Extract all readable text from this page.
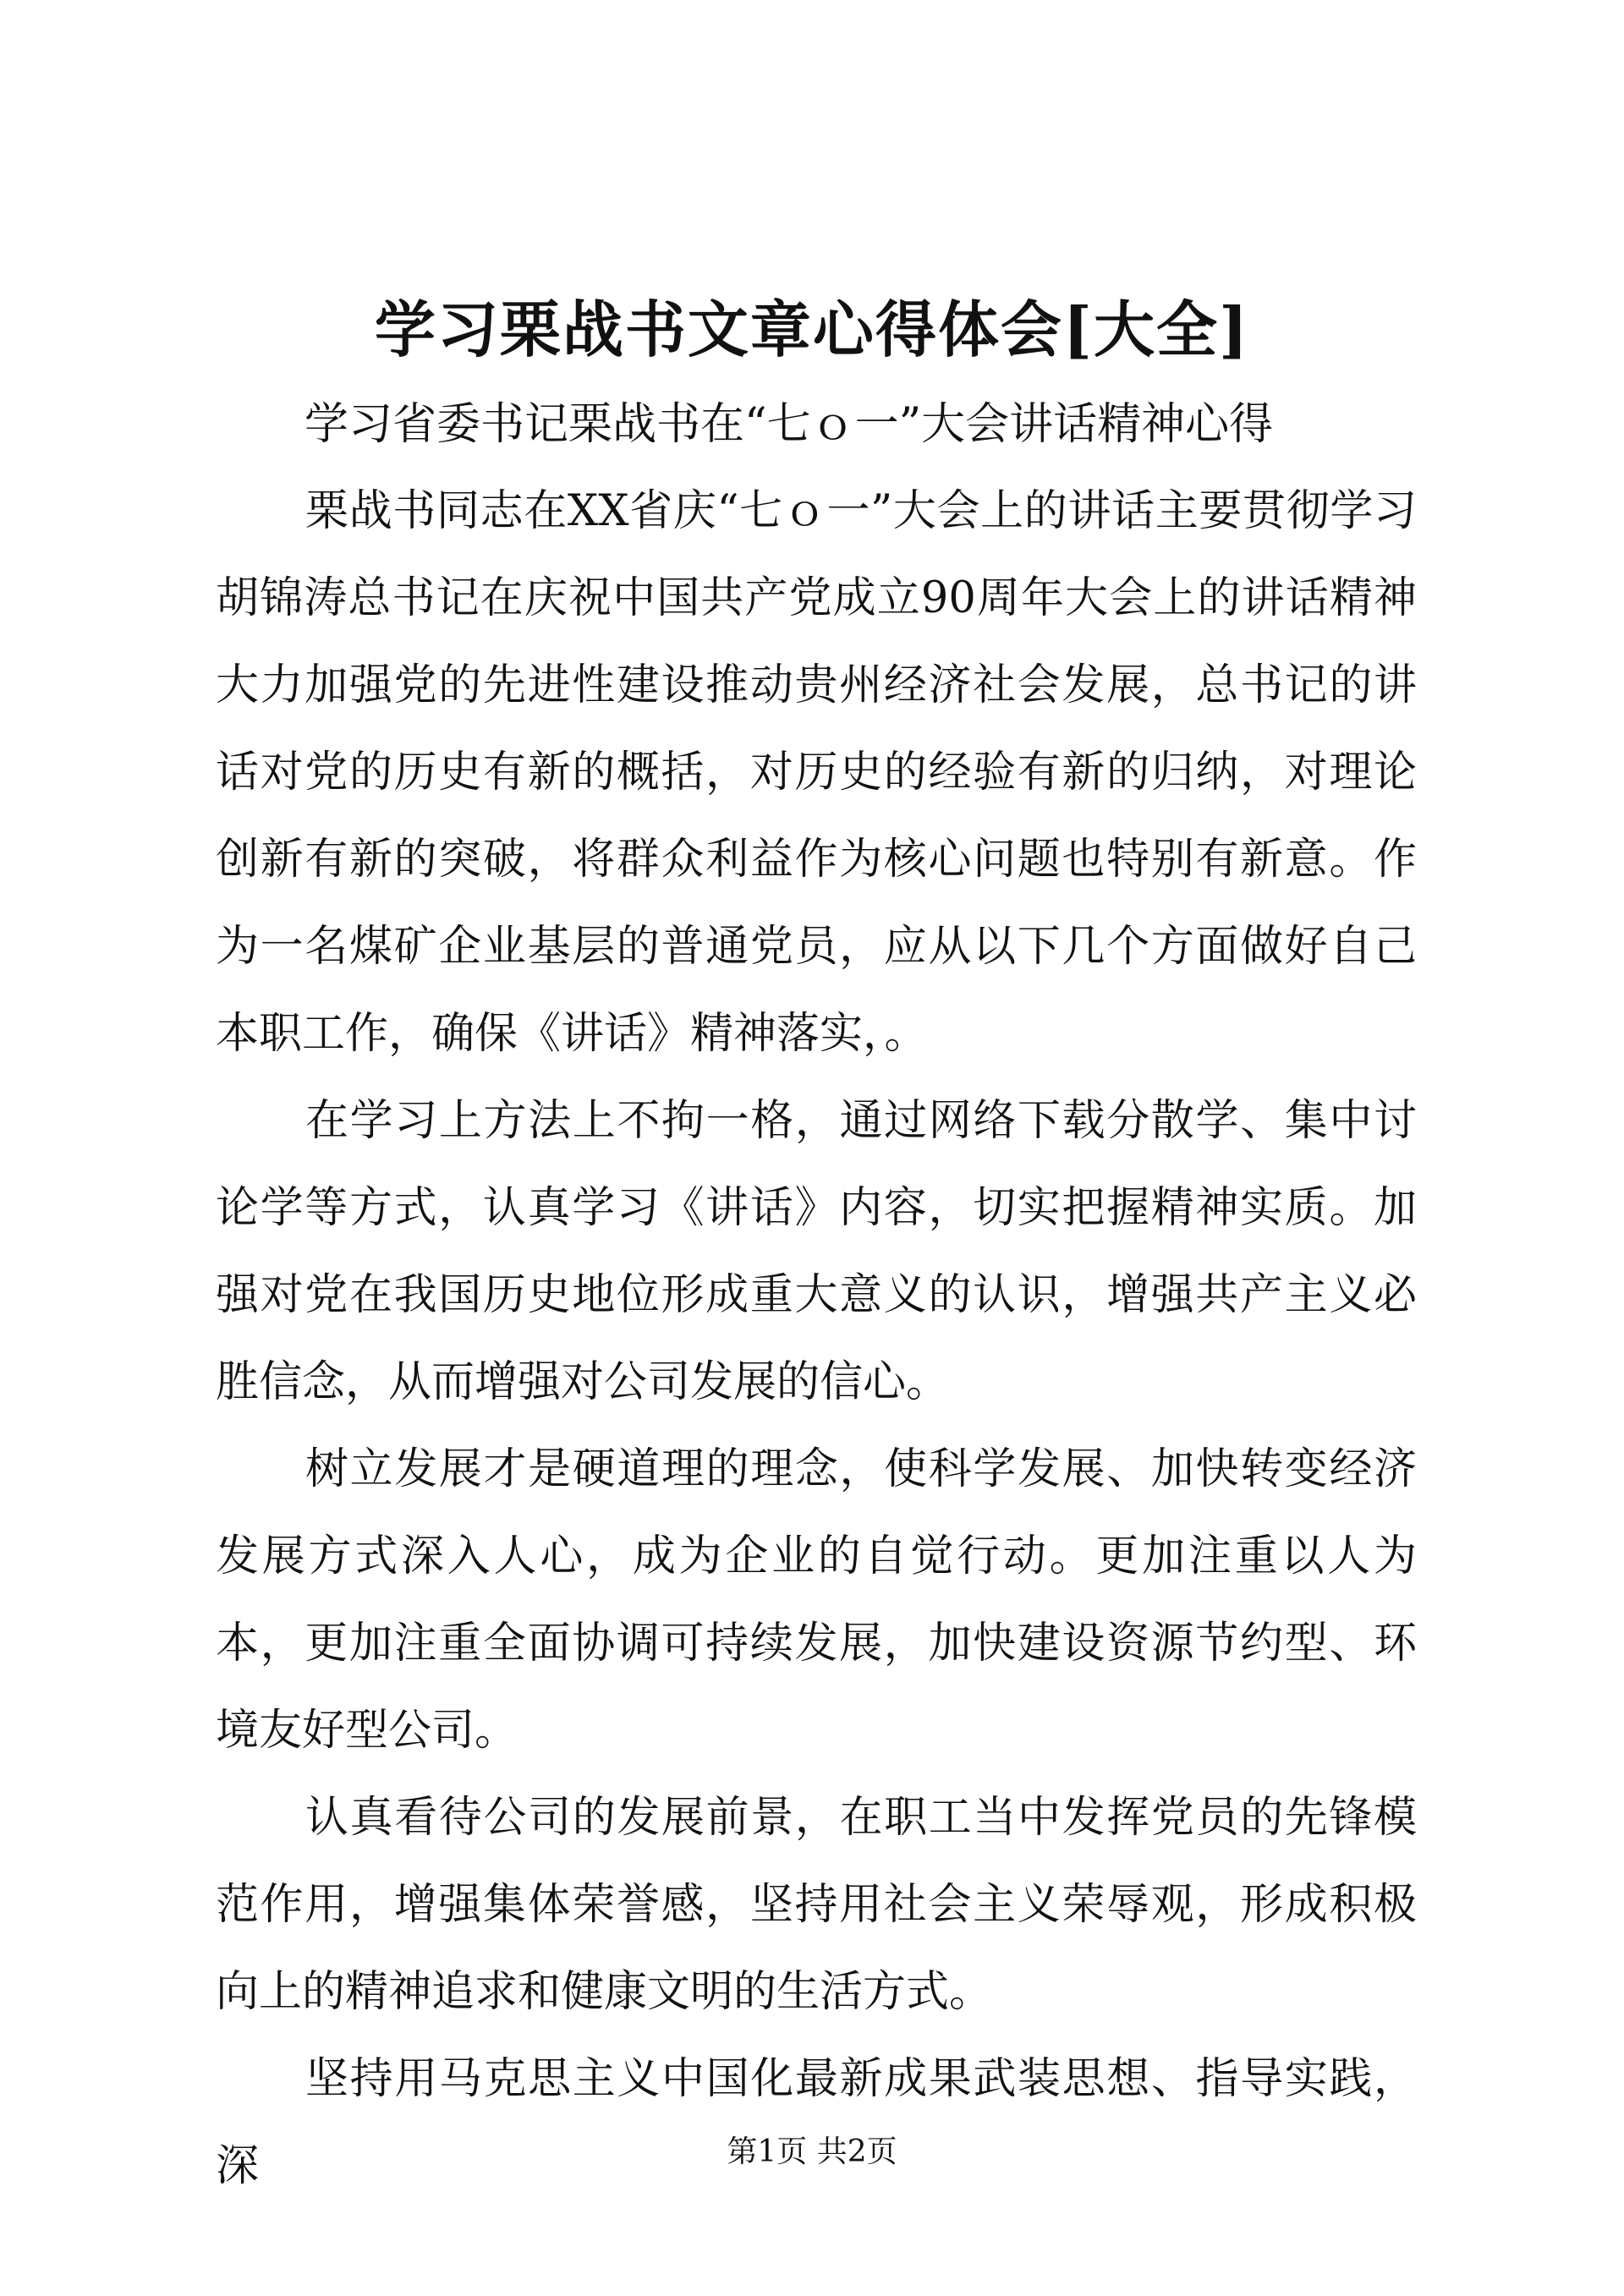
学习栗战书文章心得体会[大全]

学习省委书记栗战书在“七ｏ一”大会讲话精神心得

栗战书同志在XX省庆“七ｏ一”大会上的讲话主要贯彻学习胡锦涛总书记在庆祝中国共产党成立90周年大会上的讲话精神大力加强党的先进性建设推动贵州经济社会发展，总书记的讲话对党的历史有新的概括，对历史的经验有新的归纳，对理论创新有新的突破，将群众利益作为核心问题也特别有新意。作为一名煤矿企业基层的普通党员，应从以下几个方面做好自己本职工作，确保《讲话》精神落实，。

在学习上方法上不拘一格，通过网络下载分散学、集中讨论学等方式，认真学习《讲话》内容，切实把握精神实质。加强对党在我国历史地位形成重大意义的认识，增强共产主义必胜信念，从而增强对公司发展的信心。

树立发展才是硬道理的理念，使科学发展、加快转变经济发展方式深入人心，成为企业的自觉行动。更加注重以人为本，更加注重全面协调可持续发展，加快建设资源节约型、环境友好型公司。

认真看待公司的发展前景，在职工当中发挥党员的先锋模范作用，增强集体荣誉感，坚持用社会主义荣辱观，形成积极向上的精神追求和健康文明的生活方式。

坚持用马克思主义中国化最新成果武装思想、指导实践，深	第1页 共2页
